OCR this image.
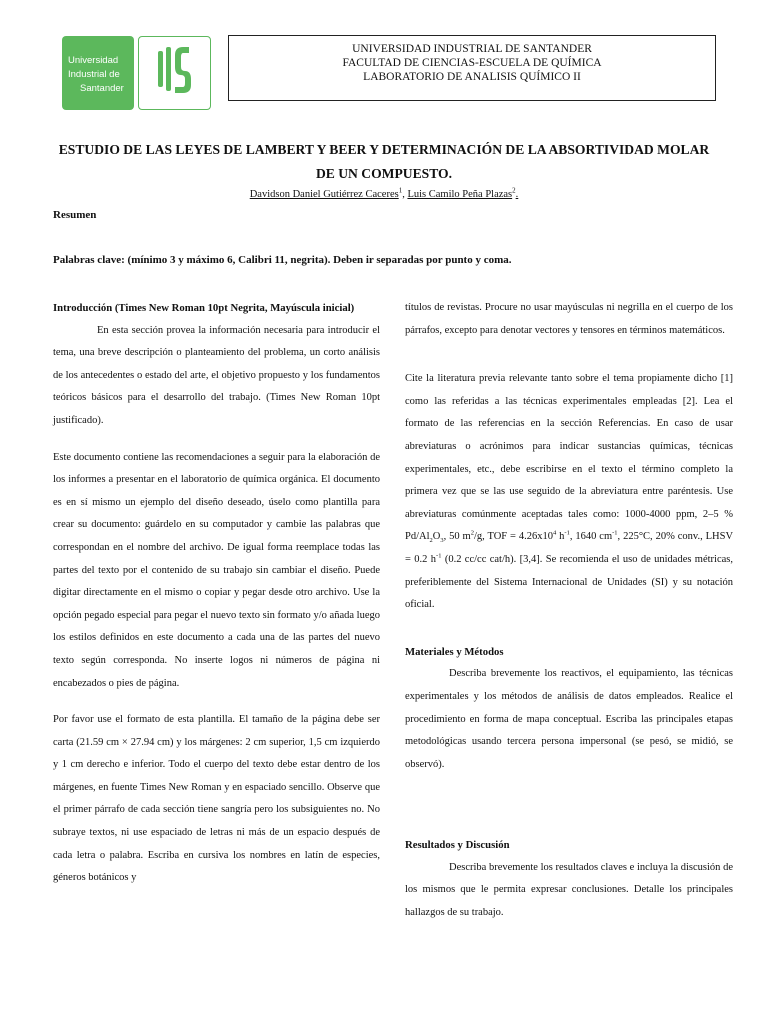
Universidad
Industrial de
Santander
UNIVERSIDAD INDUSTRIAL DE SANTANDER
FACULTAD DE CIENCIAS-ESCUELA DE QUÍMICA
LABORATORIO DE ANALISIS QUÍMICO II
ESTUDIO DE LAS LEYES DE LAMBERT Y BEER Y DETERMINACIÓN DE LA ABSORTIVIDAD MOLAR DE UN COMPUESTO.
Davidson Daniel Gutiérrez Caceres$^1$, Luis Camilo Peña Plazas$^2$.
Resumen
Palabras clave: (mínimo 3 y máximo 6, Calibri 11, negrita). Deben ir separadas por punto y coma.

Introducción (Times New Roman 10pt Negrita, Mayúscula inicial)

En esta sección provea la información necesaria para introducir el tema, una breve descripción o planteamiento del problema, un corto análisis de los antecedentes o estado del arte, el objetivo propuesto y los fundamentos teóricos básicos para el desarrollo del trabajo. (Times New Roman 10pt justificado).

Este documento contiene las recomendaciones a seguir para la elaboración de los informes a presentar en el laboratorio de química orgánica. El documento es en sí mismo un ejemplo del diseño deseado, úselo como plantilla para crear su documento: guárdelo en su computador y cambie las palabras que correspondan en el nombre del archivo. De igual forma reemplace todas las partes del texto por el contenido de su trabajo sin cambiar el diseño. Puede digitar directamente en el mismo o copiar y pegar desde otro archivo. Use la opción pegado especial para pegar el nuevo texto sin formato y/o añada luego los estilos definidos en este documento a cada una de las partes del nuevo texto según corresponda. No inserte logos ni números de página ni encabezados o pies de página.

Por favor use el formato de esta plantilla. El tamaño de la página debe ser carta (21.59 cm × 27.94 cm) y los márgenes: 2 cm superior, 1,5 cm izquierdo y 1 cm derecho e inferior. Todo el cuerpo del texto debe estar dentro de los márgenes, en fuente Times New Roman y en espaciado sencillo. Observe que el primer párrafo de cada sección tiene sangría pero los subsiguientes no. No subraye textos, ni use espaciado de letras ni más de un espacio después de cada letra o palabra. Escriba en cursiva los nombres en latín de especies, géneros botánicos y

títulos de revistas. Procure no usar mayúsculas ni negrilla en el cuerpo de los párrafos, excepto para denotar vectores y tensores en términos matemáticos.

Cite la literatura previa relevante tanto sobre el tema propiamente dicho [1] como las referidas a las técnicas experimentales empleadas [2]. Lea el formato de las referencias en la sección Referencias. En caso de usar abreviaturas o acrónimos para indicar sustancias químicas, técnicas experimentales, etc., debe escribirse en el texto el término completo la primera vez que se las use seguido de la abreviatura entre paréntesis. Use abreviaturas comúnmente aceptadas tales como: 1000-4000 ppm, 2–5 % $Pd/Al_2O_3$, 50 $m^2/g$, TOF = $4.26x10^4$ $h^{-1}$, 1640 $cm^{-1}$, 225°C, 20% conv., LHSV = 0.2 $h^{-1}$ (0.2 cc/cc cat/h). [3,4]. Se recomienda el uso de unidades métricas, preferiblemente del Sistema Internacional de Unidades (SI) y su notación oficial.

Materiales y Métodos

Describa brevemente los reactivos, el equipamiento, las técnicas experimentales y los métodos de análisis de datos empleados. Realice el procedimiento en forma de mapa conceptual. Escriba las principales etapas metodológicas usando tercera persona impersonal (se pesó, se midió, se observó).

Resultados y Discusión

Describa brevemente los resultados claves e incluya la discusión de los mismos que le permita expresar conclusiones. Detalle los principales hallazgos de su trabajo.
